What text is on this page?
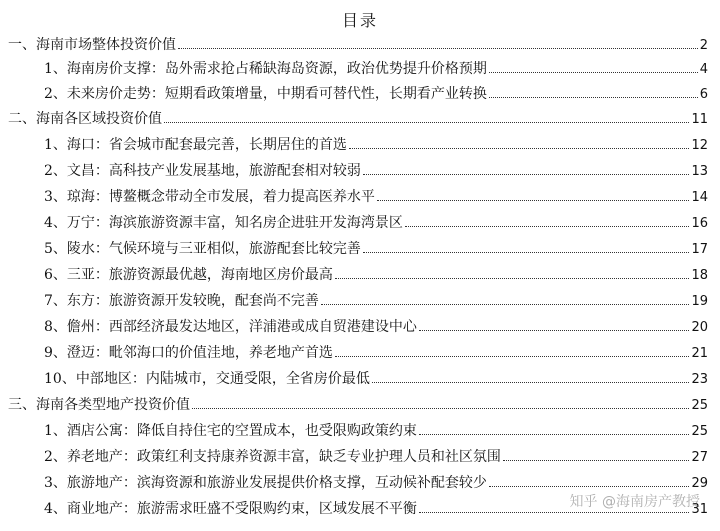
目录
一、海南市场整体投资价值	2
1、海南房价支撑：岛外需求抢占稀缺海岛资源，政治优势提升价格预期	4
2、未来房价走势：短期看政策增量，中期看可替代性，长期看产业转换	6
二、海南各区域投资价值	11
1、海口：省会城市配套最完善，长期居住的首选	12
2、文昌：高科技产业发展基地，旅游配套相对较弱	13
3、琼海：博鳌概念带动全市发展，着力提高医养水平	14
4、万宁：海滨旅游资源丰富，知名房企进驻开发海湾景区	16
5、陵水：气候环境与三亚相似，旅游配套比较完善	17
6、三亚：旅游资源最优越，海南地区房价最高	18
7、东方：旅游资源开发较晚，配套尚不完善	19
8、儋州：西部经济最发达地区，洋浦港或成自贸港建设中心	20
9、澄迈：毗邻海口的价值洼地，养老地产首选	21
10、中部地区：内陆城市，交通受限，全省房价最低	23
三、海南各类型地产投资价值	25
1、酒店公寓：降低自持住宅的空置成本，也受限购政策约束	25
2、养老地产：政策红利支持康养资源丰富，缺乏专业护理人员和社区氛围	27
3、旅游地产：滨海资源和旅游业发展提供价格支撑，互动候补配套较少	29
4、商业地产：旅游需求旺盛不受限购约束，区域发展不平衡	31
知乎 @海南房产教授
